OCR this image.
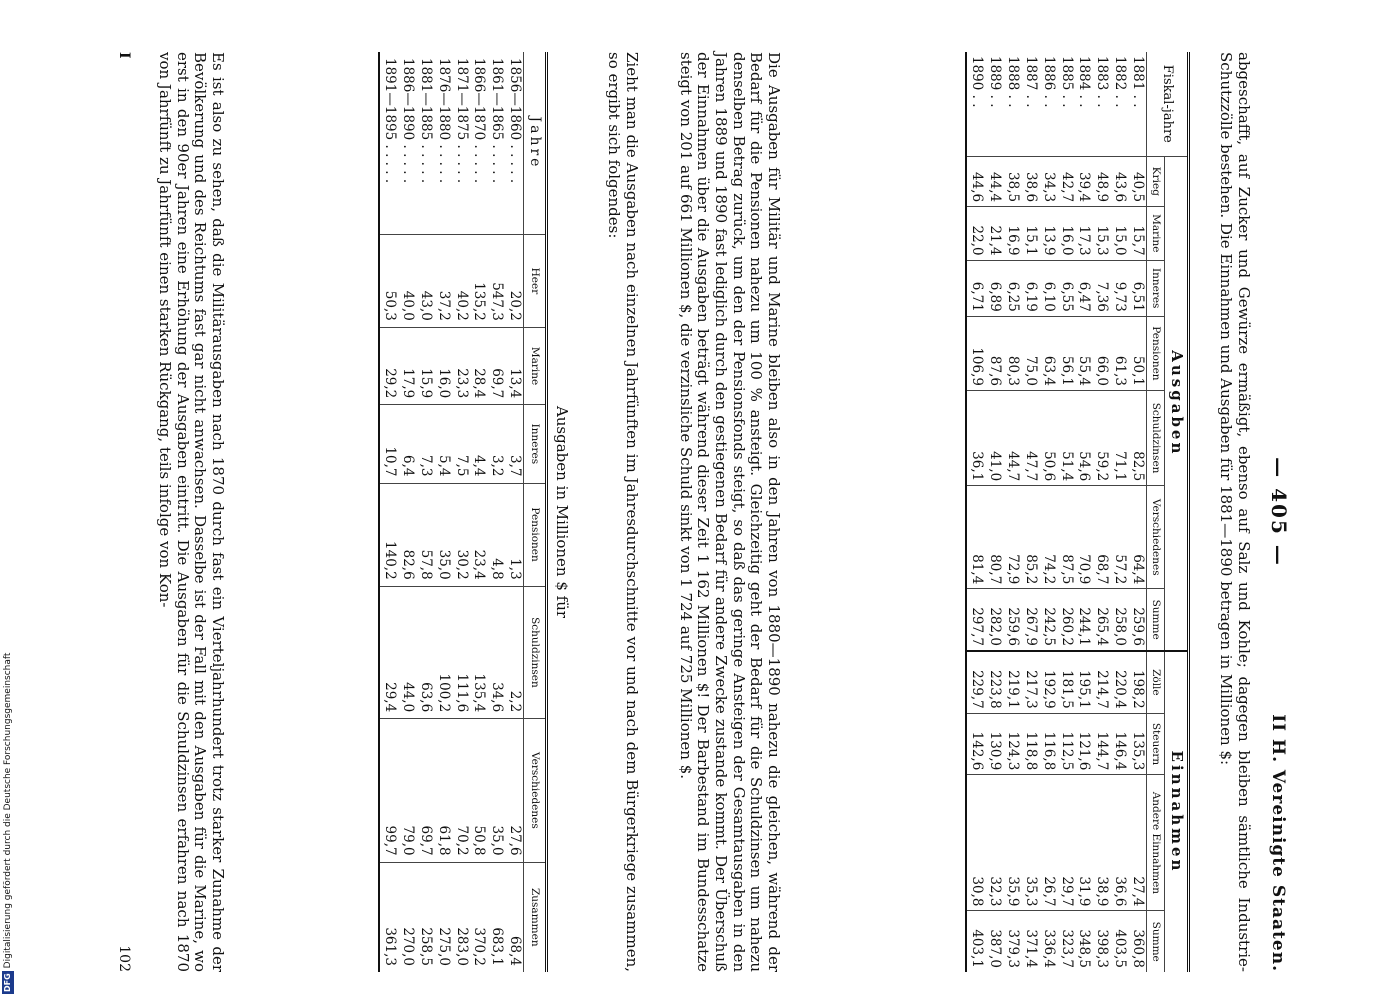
— 405 —
II H. Vereinigte Staaten.

abgeschafft, auf Zucker und Gewürze ermäßigt, ebenso auf Salz und Kohle; dagegen bleiben sämtliche Industrie-Schutzzölle bestehen. Die Einnahmen und Ausgaben für 1881—1890 betragen in Millionen $:

Fiskal-jahre	Ausgaben							Einnahmen			
	Krieg	Marine	Inneres	Pensionen	Schuldzinsen	Verschiedenes	Summe	Zölle	Steuern	Andere Einnahmen	Summe
1881 . .	40,5	15,7	6,51	50,1	82,5	64,4	259,6	198,2	135,3	27,4	360,8
1882 . .	43,6	15,0	9,73	61,3	71,1	57,2	258,0	220,4	146,4	36,6	403,5
1883 . .	48,9	15,3	7,36	66,0	59,2	68,7	265,4	214,7	144,7	38,9	398,3
1884 . .	39,4	17,3	6,47	55,4	54,6	70,9	244,1	195,1	121,6	31,9	348,5
1885 . .	42,7	16,0	6,55	56,1	51,4	87,5	260,2	181,5	112,5	29,7	323,7
1886 . .	34,3	13,9	6,10	63,4	50,6	74,2	242,5	192,9	116,8	26,7	336,4
1887 . .	38,6	15,1	6,19	75,0	47,7	85,2	267,9	217,3	118,8	35,3	371,4
1888 . .	38,5	16,9	6,25	80,3	44,7	72,9	259,6	219,1	124,3	35,9	379,3
1889 . .	44,4	21,4	6,89	87,6	41,0	80,7	282,0	223,8	130,9	32,3	387,0
1890 . .	44,6	22,0	6,71	106,9	36,1	81,4	297,7	229,7	142,6	30,8	403,1

Die Ausgaben für Militär und Marine bleiben also in den Jahren von 1880—1890 nahezu die gleichen, während der Bedarf für die Pensionen nahezu um 100 % ansteigt. Gleichzeitig geht der Bedarf für die Schuldzinsen um nahezu denselben Betrag zurück, um den der Pensionsfonds steigt, so daß das geringe Ansteigen der Gesamtausgaben in den Jahren 1889 und 1890 fast lediglich durch den gestiegenen Bedarf für andere Zwecke zustande kommt. Der Überschuß der Einnahmen über die Ausgaben beträgt während dieser Zeit 1 162 Millionen $! Der Barbestand im Bundesschatze steigt von 201 auf 661 Millionen $, die verzinsliche Schuld sinkt von 1 724 auf 725 Millionen $.

Zieht man die Ausgaben nach einzelnen Jahrfünften im Jahresdurchschnitte vor und nach dem Bürgerkriege zusammen, so ergibt sich folgendes:

Ausgaben in Millionen $ für
Jahre	Heer	Marine	Inneres	Pensionen	Schuldzinsen	Verschiedenes	Zusammen
1856—1860 . . . . .	20,2	13,4	3,7	1,3	2,2	27,6	68,4
1861—1865 . . . . .	547,3	69,7	3,2	4,8	34,6	35,0	683,1
1866—1870 . . . . .	135,2	28,4	4,4	23,4	135,4	50,8	370,2
1871—1875 . . . . .	40,2	23,3	7,5	30,2	111,6	70,2	283,0
1876—1880 . . . . .	37,2	16,0	5,4	35,0	100,2	61,8	275,0
1881—1885 . . . . .	43,0	15,9	7,3	57,8	63,6	69,7	258,5
1886—1890 . . . . .	40,0	17,9	6,4	82,6	44,0	79,0	270,0
1891—1895 . . . . .	50,3	29,2	10,7	140,2	29,4	99,7	361,3

Es ist also zu sehen, daß die Militärausgaben nach 1870 durch fast ein Vierteljahrhundert trotz starker Zunahme der Bevölkerung und des Reichtums fast gar nicht anwachsen. Dasselbe ist der Fall mit den Ausgaben für die Marine, wo erst in den 90er Jahren eine Erhöhung der Ausgaben eintritt. Die Ausgaben für die Schuldzinsen erfahren nach 1870 von Jahrfünft zu Jahrfünft einen starken Rückgang, teils infolge von Kon-

I
102
DFGDigitalisierung gefördert durch die Deutsche Forschungsgemeinschaft
